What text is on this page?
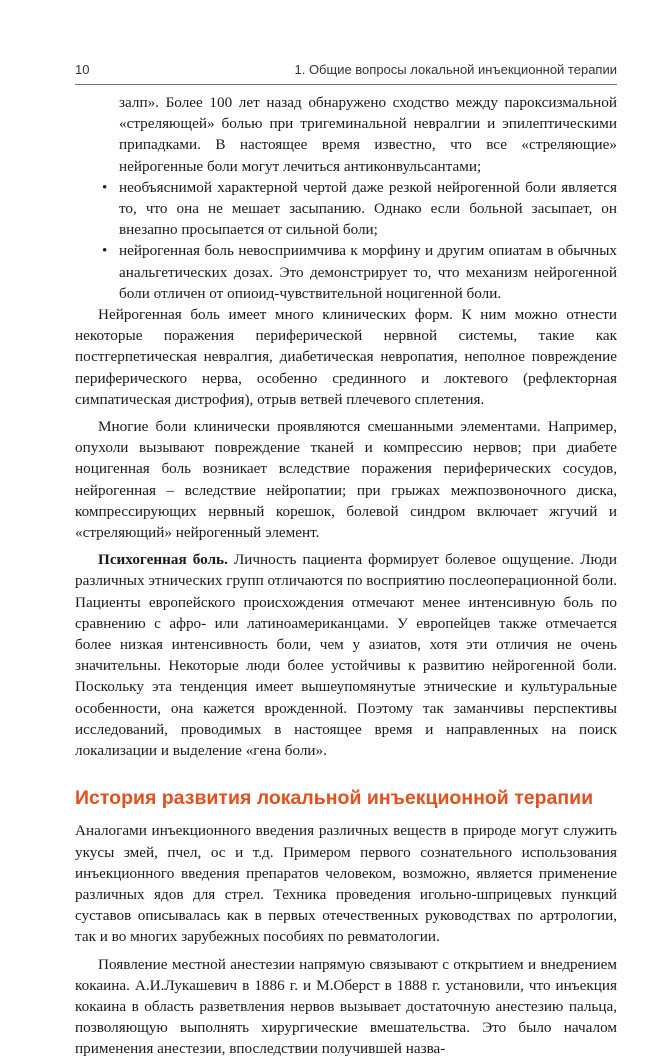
10	1. Общие вопросы локальной инъекционной терапии

залп». Более 100 лет назад обнаружено сходство между пароксизмальной «стреляющей» болью при тригеминальной невралгии и эпилептическими припадками. В настоящее время известно, что все «стреляющие» нейрогенные боли могут лечиться антиконвульсантами;

• необъяснимой характерной чертой даже резкой нейрогенной боли является то, что она не мешает засыпанию. Однако если больной засыпает, он внезапно просыпается от сильной боли;

• нейрогенная боль невосприимчива к морфину и другим опиатам в обычных анальгетических дозах. Это демонстрирует то, что механизм нейрогенной боли отличен от опиоид-чувствительной ноцигенной боли.

Нейрогенная боль имеет много клинических форм. К ним можно отнести некоторые поражения периферической нервной системы, такие как постгерпетическая невралгия, диабетическая невропатия, неполное повреждение периферического нерва, особенно срединного и локтевого (рефлекторная симпатическая дистрофия), отрыв ветвей плечевого сплетения.

Многие боли клинически проявляются смешанными элементами. Например, опухоли вызывают повреждение тканей и компрессию нервов; при диабете ноцигенная боль возникает вследствие поражения периферических сосудов, нейрогенная – вследствие нейропатии; при грыжах межпозвоночного диска, компрессирующих нервный корешок, болевой синдром включает жгучий и «стреляющий» нейрогенный элемент.

Психогенная боль. Личность пациента формирует болевое ощущение. Люди различных этнических групп отличаются по восприятию послеоперационной боли. Пациенты европейского происхождения отмечают менее интенсивную боль по сравнению с афро- или латиноамериканцами. У европейцев также отмечается более низкая интенсивность боли, чем у азиатов, хотя эти отличия не очень значительны. Некоторые люди более устойчивы к развитию нейрогенной боли. Поскольку эта тенденция имеет вышеупомянутые этнические и культуральные особенности, она кажется врожденной. Поэтому так заманчивы перспективы исследований, проводимых в настоящее время и направленных на поиск локализации и выделение «гена боли».

История развития локальной инъекционной терапии

Аналогами инъекционного введения различных веществ в природе могут служить укусы змей, пчел, ос и т.д. Примером первого сознательного использования инъекционного введения препаратов человеком, возможно, является применение различных ядов для стрел. Техника проведения игольно-шприцевых пункций суставов описывалась как в первых отечественных руководствах по артрологии, так и во многих зарубежных пособиях по ревматологии.

Появление местной анестезии напрямую связывают с открытием и внедрением кокаина. А.И.Лукашевич в 1886 г. и М.Оберст в 1888 г. установили, что инъекция кокаина в область разветвления нервов вызывает достаточную анестезию пальца, позволяющую выполнять хирургические вмешательства. Это было началом применения анестезии, впоследствии получившей назва-
